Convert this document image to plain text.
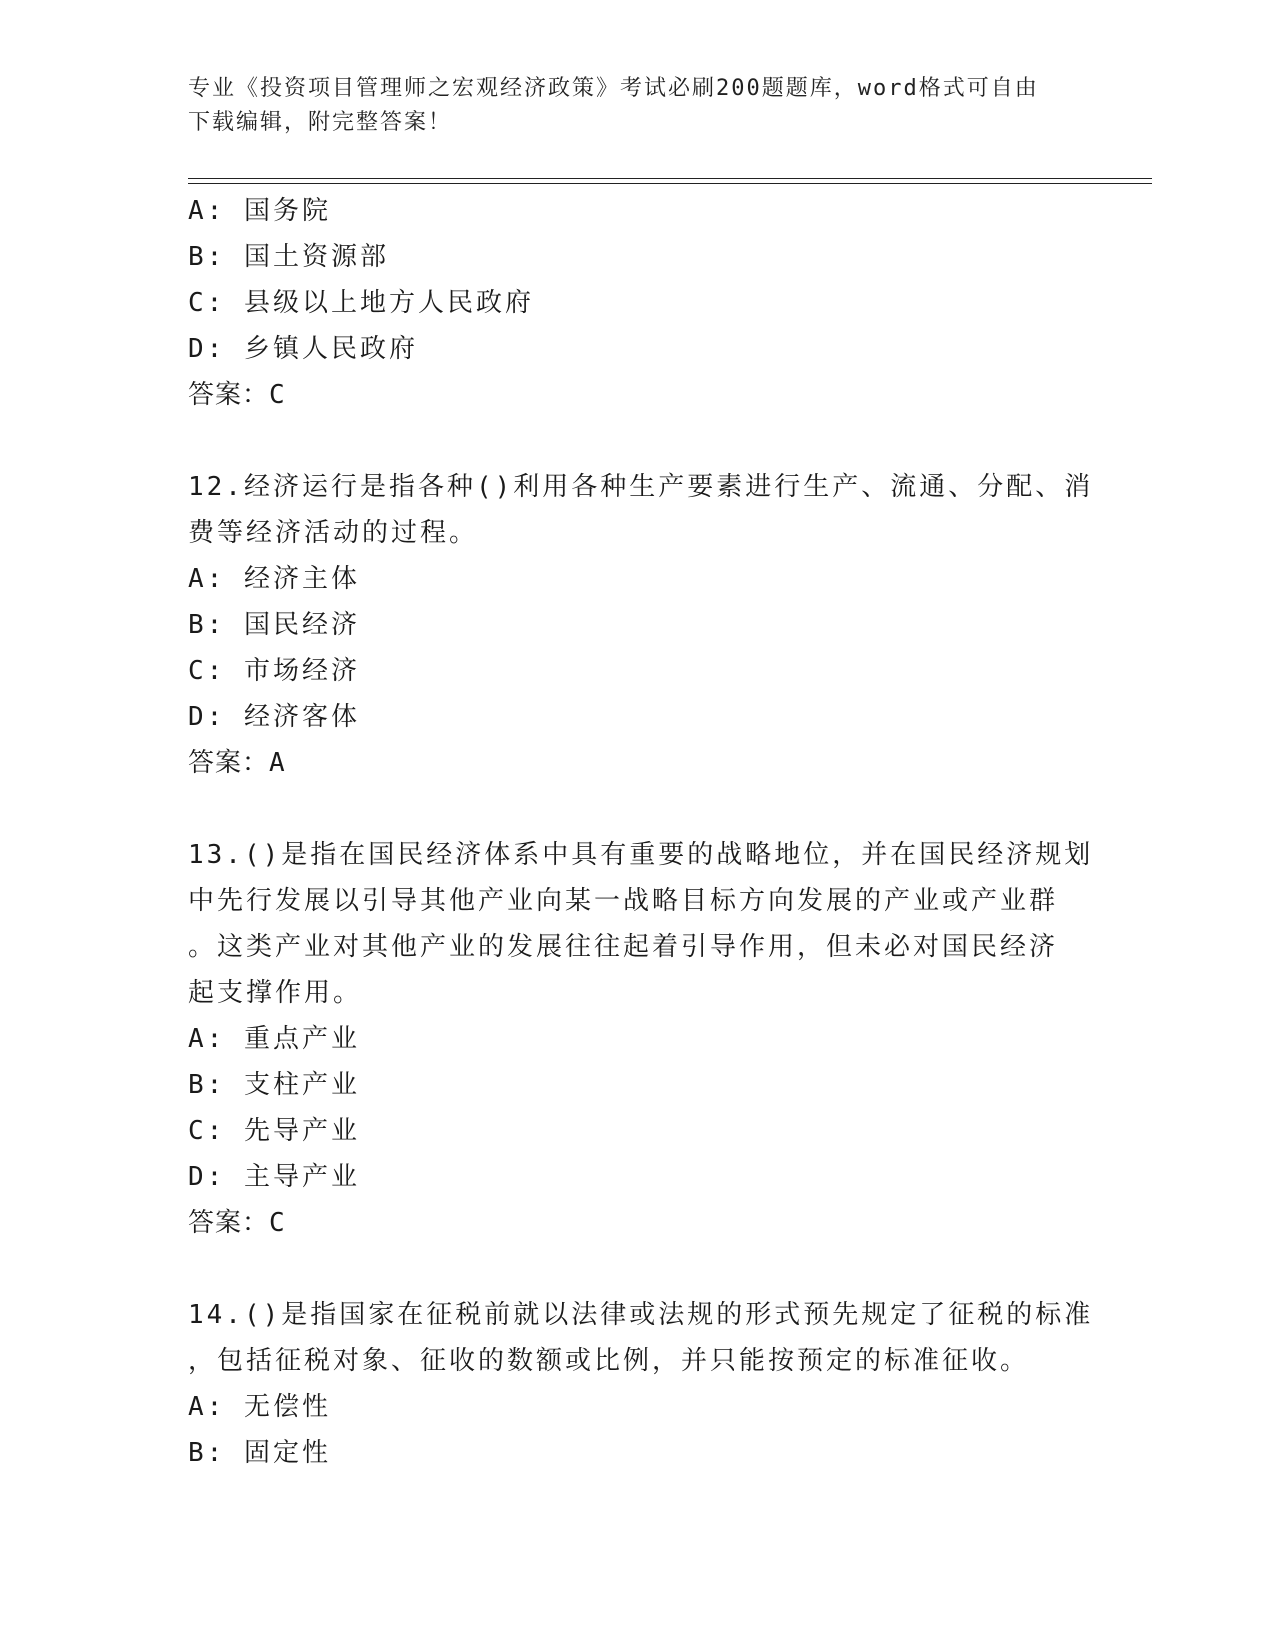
专业《投资项目管理师之宏观经济政策》考试必刷200题题库，word格式可自由
下载编辑，附完整答案！
A: 国务院
B: 国土资源部
C: 县级以上地方人民政府
D: 乡镇人民政府
答案：C
12.经济运行是指各种()利用各种生产要素进行生产、流通、分配、消
费等经济活动的过程。
A: 经济主体
B: 国民经济
C: 市场经济
D: 经济客体
答案：A
13.()是指在国民经济体系中具有重要的战略地位，并在国民经济规划
中先行发展以引导其他产业向某一战略目标方向发展的产业或产业群
。这类产业对其他产业的发展往往起着引导作用，但未必对国民经济
起支撑作用。
A: 重点产业
B: 支柱产业
C: 先导产业
D: 主导产业
答案：C
14.()是指国家在征税前就以法律或法规的形式预先规定了征税的标准
，包括征税对象、征收的数额或比例，并只能按预定的标准征收。
A: 无偿性
B: 固定性
